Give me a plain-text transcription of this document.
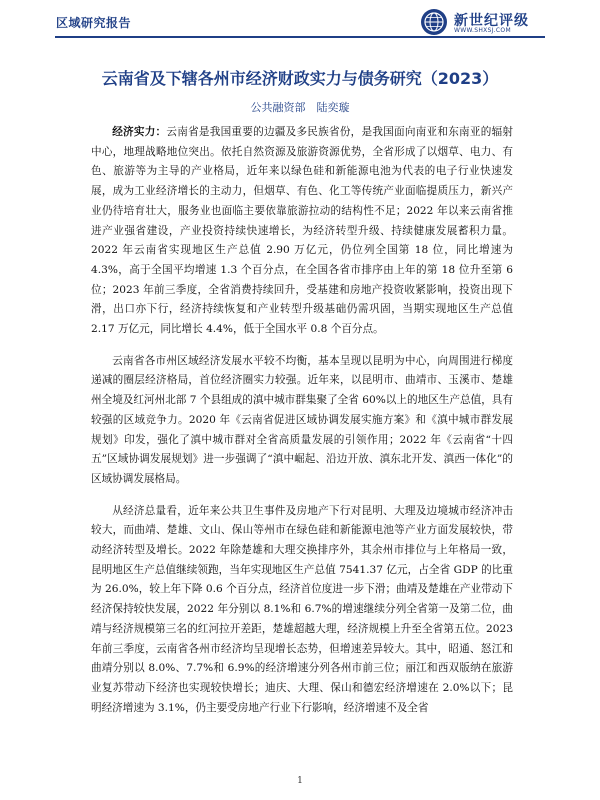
区域研究报告	新世纪评级
WWW.SHXSJ.COM
云南省及下辖各州市经济财政实力与债务研究（2023）
公共融资部　陆奕璇

经济实力：云南省是我国重要的边疆及多民族省份，是我国面向南亚和东南亚的辐射中心，地理战略地位突出。依托自然资源及旅游资源优势，全省形成了以烟草、电力、有色、旅游等为主导的产业格局，近年来以绿色硅和新能源电池为代表的电子行业快速发展，成为工业经济增长的主动力，但烟草、有色、化工等传统产业面临提质压力，新兴产业仍待培育壮大，服务业也面临主要依靠旅游拉动的结构性不足；2022 年以来云南省推进产业强省建设，产业投资持续快速增长，为经济转型升级、持续健康发展蓄积力量。2022 年云南省实现地区生产总值 2.90 万亿元，仍位列全国第 18 位，同比增速为 4.3%，高于全国平均增速 1.3 个百分点，在全国各省市排序由上年的第 18 位升至第 6 位；2023 年前三季度，全省消费持续回升，受基建和房地产投资收紧影响，投资出现下滑，出口亦下行，经济持续恢复和产业转型升级基础仍需巩固，当期实现地区生产总值 2.17 万亿元，同比增长 4.4%，低于全国水平 0.8 个百分点。

云南省各市州区域经济发展水平较不均衡，基本呈现以昆明为中心，向周围进行梯度递减的圈层经济格局，首位经济圈实力较强。近年来，以昆明市、曲靖市、玉溪市、楚雄州全境及红河州北部 7 个县组成的滇中城市群集聚了全省 60%以上的地区生产总值，具有较强的区域竞争力。2020 年《云南省促进区域协调发展实施方案》和《滇中城市群发展规划》印发，强化了滇中城市群对全省高质量发展的引领作用；2022 年《云南省“十四五”区域协调发展规划》进一步强调了“滇中崛起、沿边开放、滇东北开发、滇西一体化”的区域协调发展格局。

从经济总量看，近年来公共卫生事件及房地产下行对昆明、大理及边境城市经济冲击较大，而曲靖、楚雄、文山、保山等州市在绿色硅和新能源电池等产业方面发展较快，带动经济转型及增长。2022 年除楚雄和大理交换排序外，其余州市排位与上年格局一致，昆明地区生产总值继续领跑，当年实现地区生产总值 7541.37 亿元，占全省 GDP 的比重为 26.0%，较上年下降 0.6 个百分点，经济首位度进一步下滑；曲靖及楚雄在产业带动下经济保持较快发展，2022 年分别以 8.1%和 6.7%的增速继续分列全省第一及第二位，曲靖与经济规模第三名的红河拉开差距，楚雄超越大理，经济规模上升至全省第五位。2023 年前三季度，云南省各州市经济均呈现增长态势，但增速差异较大。其中，昭通、怒江和曲靖分别以 8.0%、7.7%和 6.9%的经济增速分列各州市前三位；丽江和西双版纳在旅游业复苏带动下经济也实现较快增长；迪庆、大理、保山和德宏经济增速在 2.0%以下；昆明经济增速为 3.1%，仍主要受房地产行业下行影响，经济增速不及全省

1
